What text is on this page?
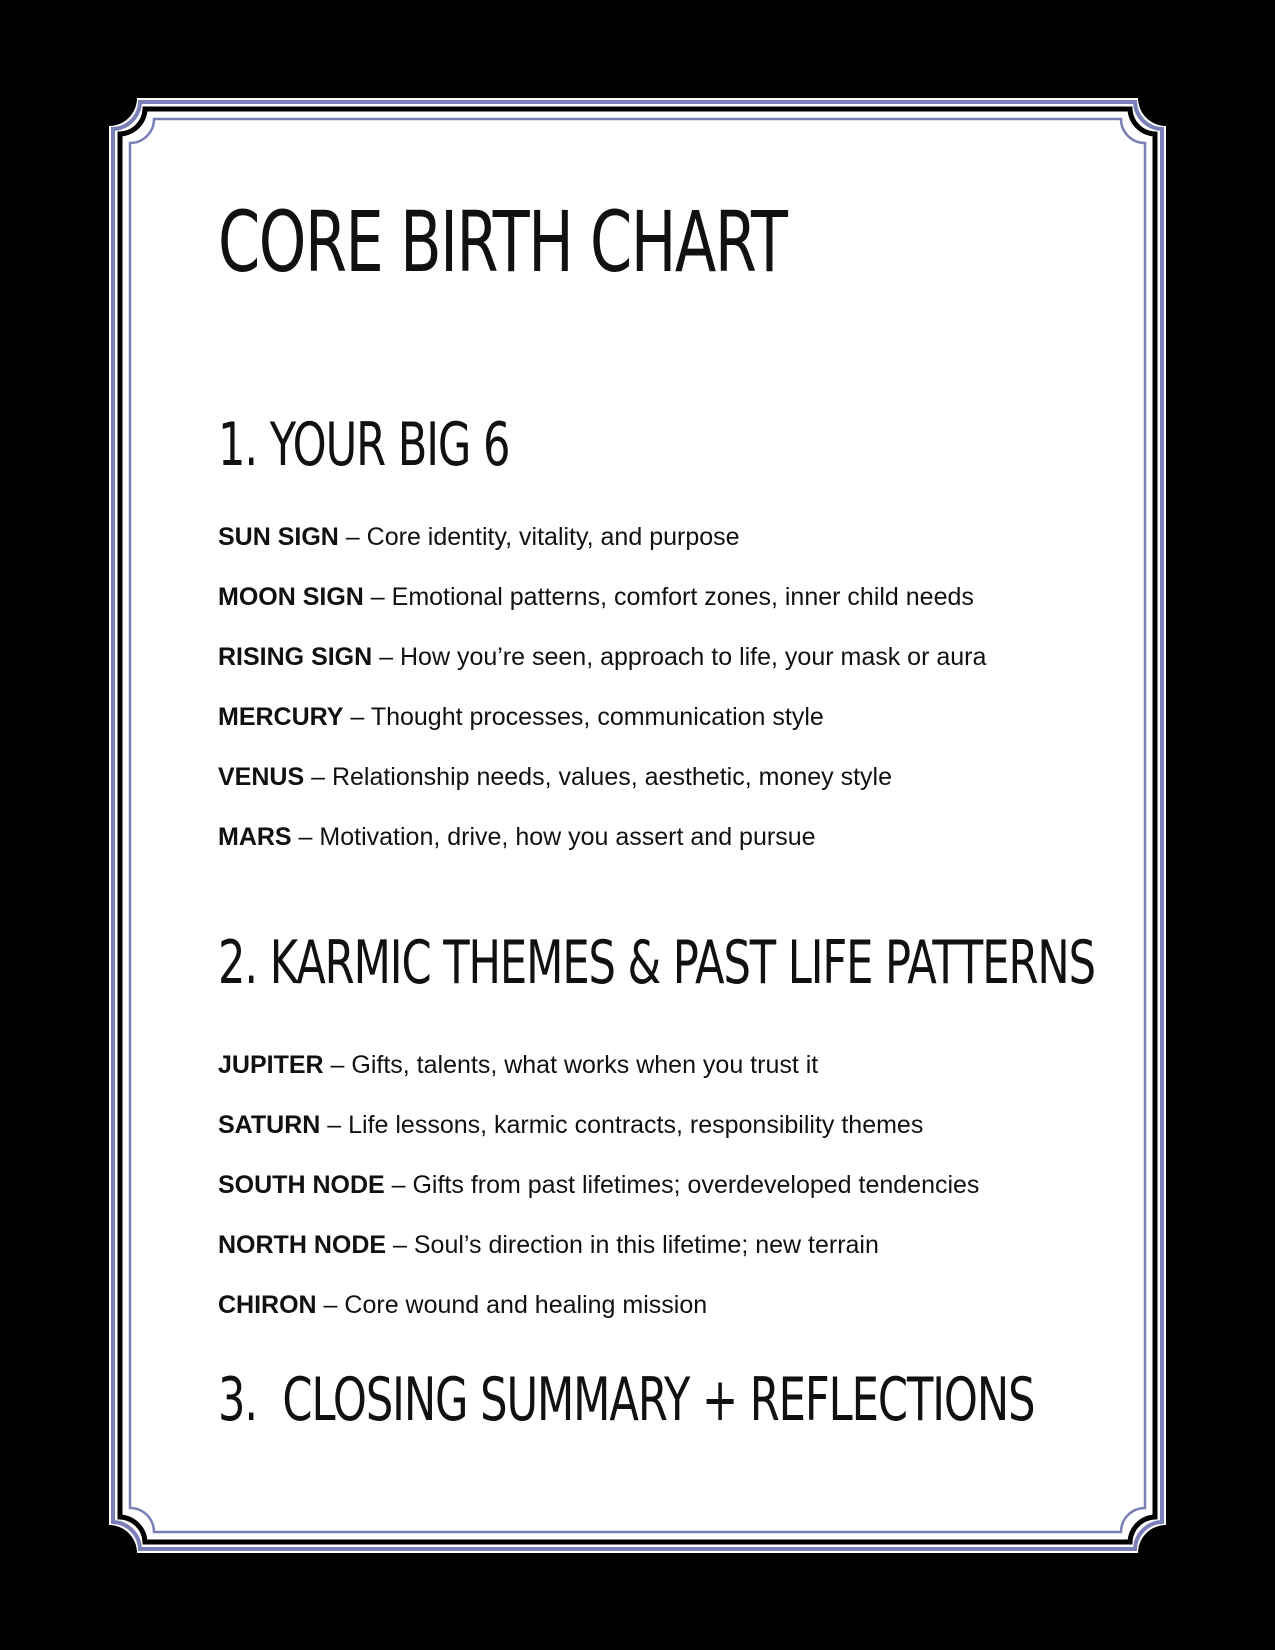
CORE BIRTH CHART
1. YOUR BIG 6
SUN SIGN – Core identity, vitality, and purpose
MOON SIGN – Emotional patterns, comfort zones, inner child needs
RISING SIGN – How you’re seen, approach to life, your mask or aura
MERCURY – Thought processes, communication style
VENUS – Relationship needs, values, aesthetic, money style
MARS – Motivation, drive, how you assert and pursue
2. KARMIC THEMES & PAST LIFE PATTERNS
JUPITER – Gifts, talents, what works when you trust it
SATURN – Life lessons, karmic contracts, responsibility themes
SOUTH NODE – Gifts from past lifetimes; overdeveloped tendencies
NORTH NODE – Soul’s direction in this lifetime; new terrain
CHIRON – Core wound and healing mission
3.  CLOSING SUMMARY + REFLECTIONS
